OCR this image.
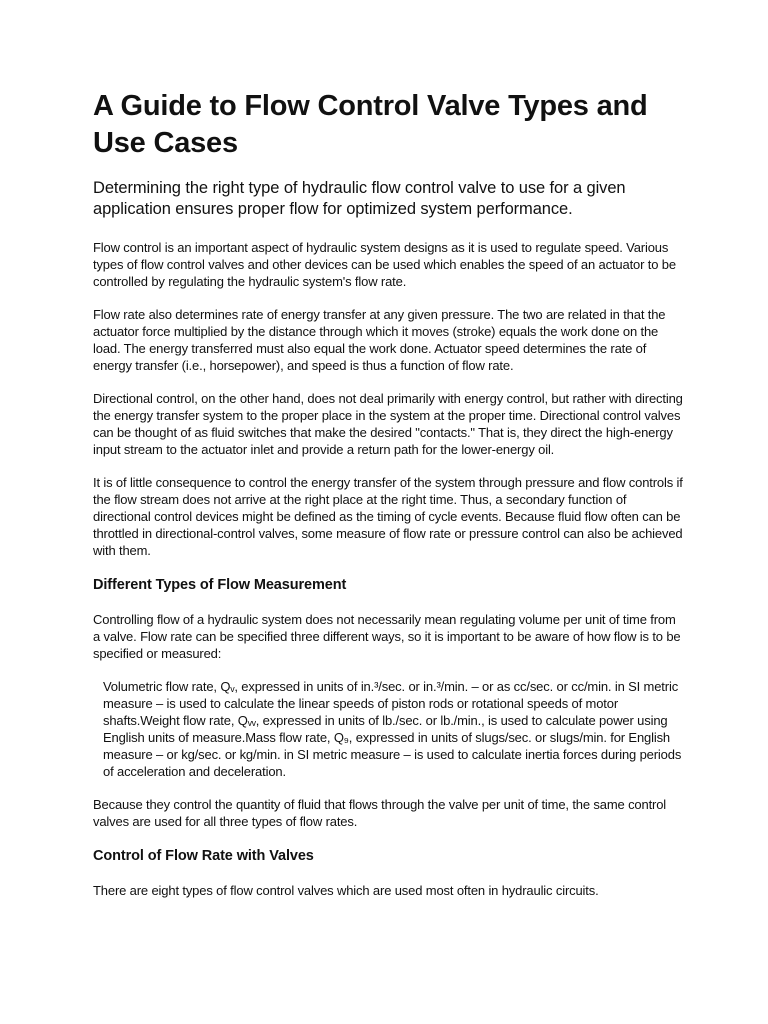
A Guide to Flow Control Valve Types and Use Cases
Determining the right type of hydraulic flow control valve to use for a given application ensures proper flow for optimized system performance.

Flow control is an important aspect of hydraulic system designs as it is used to regulate speed. Various types of flow control valves and other devices can be used which enables the speed of an actuator to be controlled by regulating the hydraulic system's flow rate.

Flow rate also determines rate of energy transfer at any given pressure. The two are related in that the actuator force multiplied by the distance through which it moves (stroke) equals the work done on the load. The energy transferred must also equal the work done. Actuator speed determines the rate of energy transfer (i.e., horsepower), and speed is thus a function of flow rate.

Directional control, on the other hand, does not deal primarily with energy control, but rather with directing the energy transfer system to the proper place in the system at the proper time. Directional control valves can be thought of as fluid switches that make the desired "contacts." That is, they direct the high-energy input stream to the actuator inlet and provide a return path for the lower-energy oil.

It is of little consequence to control the energy transfer of the system through pressure and flow controls if the flow stream does not arrive at the right place at the right time. Thus, a secondary function of directional control devices might be defined as the timing of cycle events. Because fluid flow often can be throttled in directional-control valves, some measure of flow rate or pressure control can also be achieved with them.

Different Types of Flow Measurement

Controlling flow of a hydraulic system does not necessarily mean regulating volume per unit of time from a valve. Flow rate can be specified three different ways, so it is important to be aware of how flow is to be specified or measured:

Volumetric flow rate, Qᵥ, expressed in units of in.³/sec. or in.³/min. – or as cc/sec. or cc/min. in SI metric measure – is used to calculate the linear speeds of piston rods or rotational speeds of motor shafts.Weight flow rate, Qᵥᵥ, expressed in units of lb./sec. or lb./min., is used to calculate power using English units of measure.Mass flow rate, Q₉, expressed in units of slugs/sec. or slugs/min. for English measure – or kg/sec. or kg/min. in SI metric measure – is used to calculate inertia forces during periods of acceleration and deceleration.

Because they control the quantity of fluid that flows through the valve per unit of time, the same control valves are used for all three types of flow rates.

Control of Flow Rate with Valves

There are eight types of flow control valves which are used most often in hydraulic circuits.
